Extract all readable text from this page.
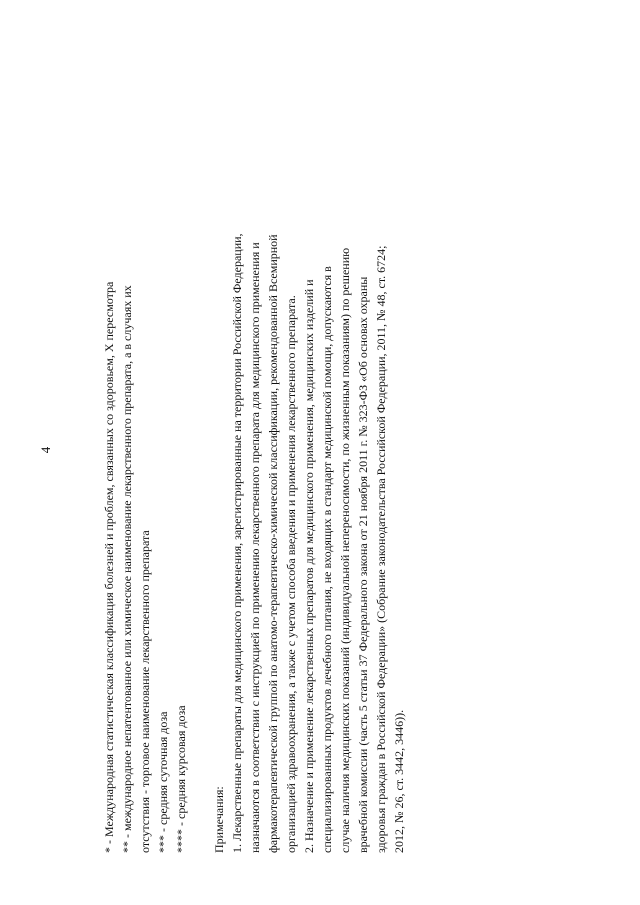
4	* - Международная статистическая классификация болезней и проблем, связанных со здоровьем, X пересмотра ** - международное непатентованное или химическое наименование лекарственного препарата, а в случаях их отсутствия - торговое наименование лекарственного препарата *** - средняя суточная доза **** - средняя курсовая доза Примечания: 1. Лекарственные препараты для медицинского применения, зарегистрированные на территории Российской Федерации, назначаются в соответствии с инструкцией по применению лекарственного препарата для медицинского применения и фармакотерапевтической группой по анатомо-терапевтическо-химической классификации, рекомендованной Всемирной организацией здравоохранения, а также с учетом способа введения и применения лекарственного препарата. 2. Назначение и применение лекарственных препаратов для медицинского применения, медицинских изделий и специализированных продуктов лечебного питания, не входящих в стандарт медицинской помощи, допускаются в случае наличия медицинских показаний (индивидуальной непереносимости, по жизненным показаниям) по решению врачебной комиссии (часть 5 статьи 37 Федерального закона от 21 ноября 2011 г. № 323-ФЗ «Об основах охраны здоровья граждан в Российской Федерации» (Собрание законодательства Российской Федерации, 2011, № 48, ст. 6724; 2012, № 26, ст. 3442, 3446)).
